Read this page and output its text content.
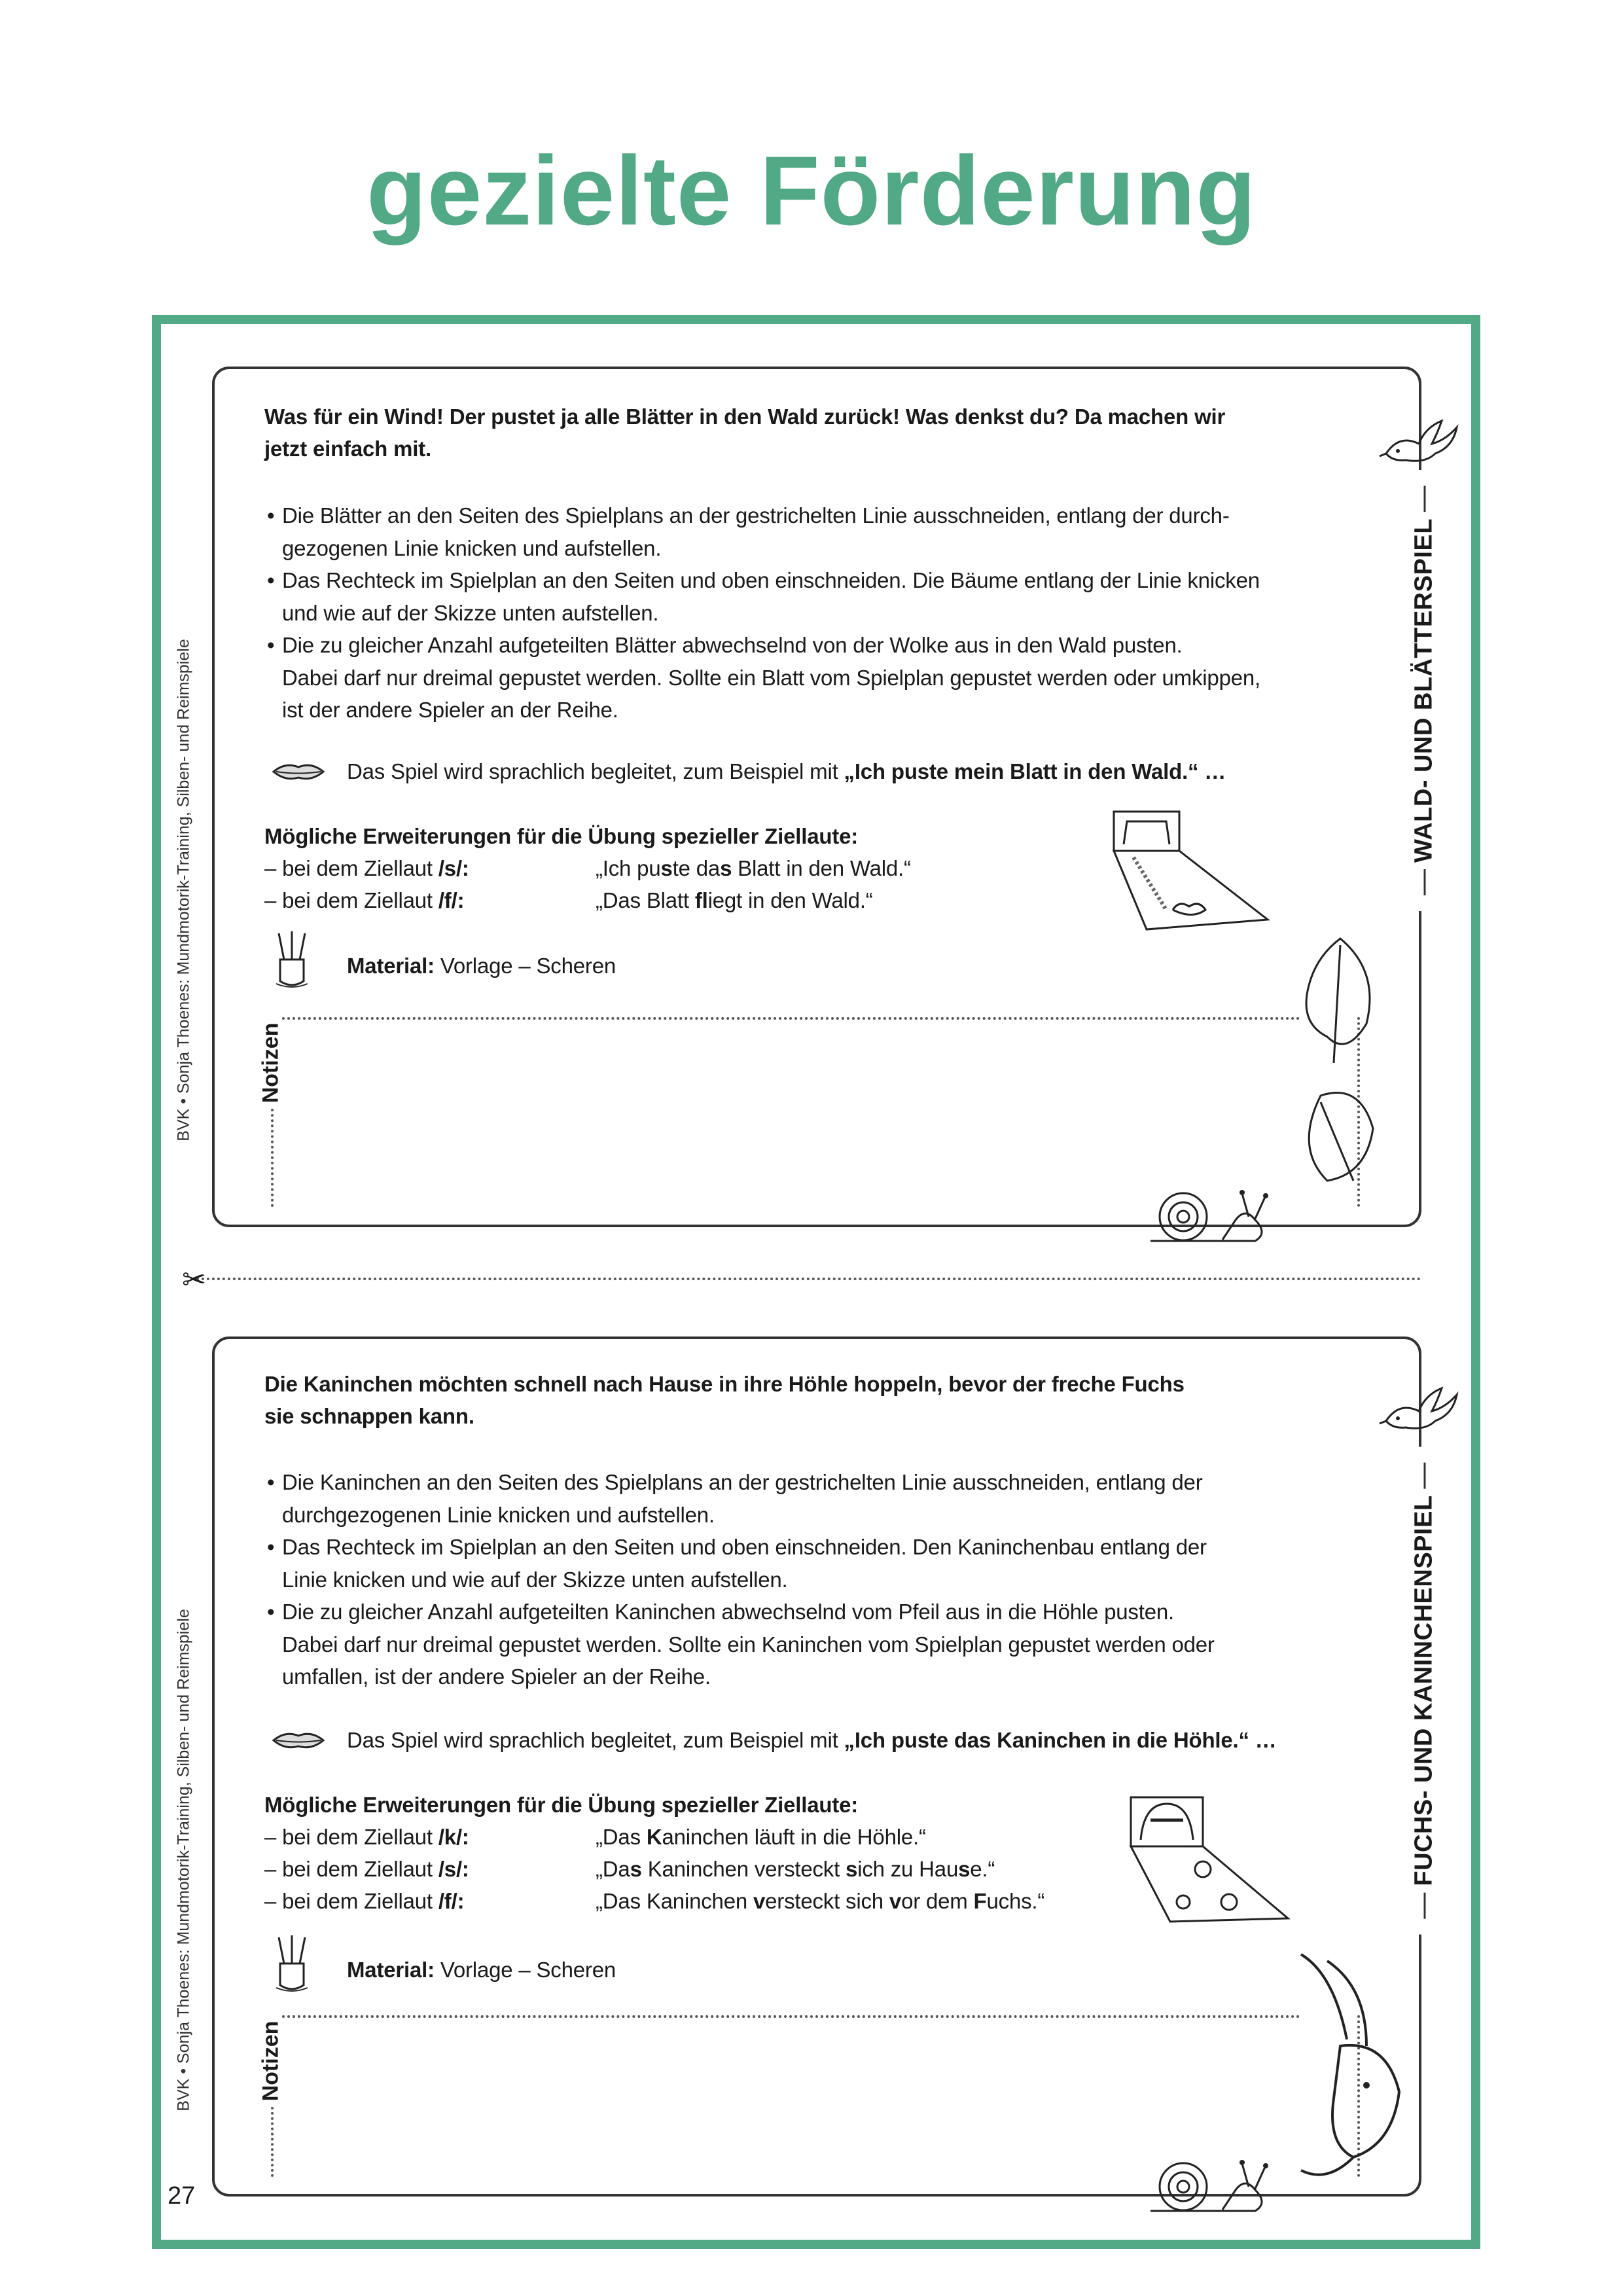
gezielte Förderung
BVK • Sonja Thoenes: Mundmotorik-Training, Silben- und Reimspiele
BVK • Sonja Thoenes: Mundmotorik-Training, Silben- und Reimspiele
Was für ein Wind! Der pustet ja alle Blätter in den Wald zurück! Was denkst du? Da machen wir
jetzt einfach mit.
• Die Blätter an den Seiten des Spielplans an der gestrichelten Linie ausschneiden, entlang der durch-
gezogenen Linie knicken und aufstellen.
• Das Rechteck im Spielplan an den Seiten und oben einschneiden. Die Bäume entlang der Linie knicken
und wie auf der Skizze unten aufstellen.
• Die zu gleicher Anzahl aufgeteilten Blätter abwechselnd von der Wolke aus in den Wald pusten.
Dabei darf nur dreimal gepustet werden. Sollte ein Blatt vom Spielplan gepustet werden oder umkippen,
ist der andere Spieler an der Reihe.
Das Spiel wird sprachlich begleitet, zum Beispiel mit „Ich puste mein Blatt in den Wald.“ …
Mögliche Erweiterungen für die Übung spezieller Ziellaute:
– bei dem Ziellaut /s/:	„Ich puste das Blatt in den Wald.“
– bei dem Ziellaut /f/:	„Das Blatt fliegt in den Wald.“
Material: Vorlage – Scheren
Notizen
WALD- UND BLÄTTERSPIEL
✂
Die Kaninchen möchten schnell nach Hause in ihre Höhle hoppeln, bevor der freche Fuchs
sie schnappen kann.
• Die Kaninchen an den Seiten des Spielplans an der gestrichelten Linie ausschneiden, entlang der
durchgezogenen Linie knicken und aufstellen.
• Das Rechteck im Spielplan an den Seiten und oben einschneiden. Den Kaninchenbau entlang der
Linie knicken und wie auf der Skizze unten aufstellen.
• Die zu gleicher Anzahl aufgeteilten Kaninchen abwechselnd vom Pfeil aus in die Höhle pusten.
Dabei darf nur dreimal gepustet werden. Sollte ein Kaninchen vom Spielplan gepustet werden oder
umfallen, ist der andere Spieler an der Reihe.
Das Spiel wird sprachlich begleitet, zum Beispiel mit „Ich puste das Kaninchen in die Höhle.“ …
Mögliche Erweiterungen für die Übung spezieller Ziellaute:
– bei dem Ziellaut /k/:	„Das Kaninchen läuft in die Höhle.“
– bei dem Ziellaut /s/:	„Das Kaninchen versteckt sich zu Hause.“
– bei dem Ziellaut /f/:	„Das Kaninchen versteckt sich vor dem Fuchs.“
Material: Vorlage – Scheren
Notizen
FUCHS- UND KANINCHENSPIEL
27
